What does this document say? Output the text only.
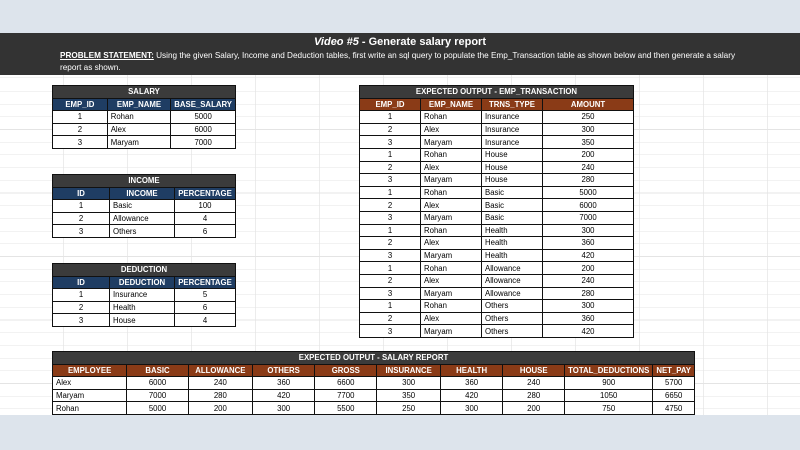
Video #5 - Generate salary report
PROBLEM STATEMENT: Using the given Salary, Income and Deduction tables, first write an sql query to populate the Emp_Transaction table as shown below and then generate a salary report as shown.
SALARY		
EMP_ID	EMP_NAME	BASE_SALARY
1	Rohan	5000
2	Alex	6000
3	Maryam	7000
INCOME		
ID	INCOME	PERCENTAGE
1	Basic	100
2	Allowance	4
3	Others	6
DEDUCTION		
ID	DEDUCTION	PERCENTAGE
1	Insurance	5
2	Health	6
3	House	4
EXPECTED OUTPUT - EMP_TRANSACTION			
EMP_ID	EMP_NAME	TRNS_TYPE	AMOUNT
1	Rohan	Insurance	250
2	Alex	Insurance	300
3	Maryam	Insurance	350
1	Rohan	House	200
2	Alex	House	240
3	Maryam	House	280
1	Rohan	Basic	5000
2	Alex	Basic	6000
3	Maryam	Basic	7000
1	Rohan	Health	300
2	Alex	Health	360
3	Maryam	Health	420
1	Rohan	Allowance	200
2	Alex	Allowance	240
3	Maryam	Allowance	280
1	Rohan	Others	300
2	Alex	Others	360
3	Maryam	Others	420
EXPECTED OUTPUT - SALARY REPORT									
EMPLOYEE	BASIC	ALLOWANCE	OTHERS	GROSS	INSURANCE	HEALTH	HOUSE	TOTAL_DEDUCTIONS	NET_PAY
Alex	6000	240	360	6600	300	360	240	900	5700
Maryam	7000	280	420	7700	350	420	280	1050	6650
Rohan	5000	200	300	5500	250	300	200	750	4750
